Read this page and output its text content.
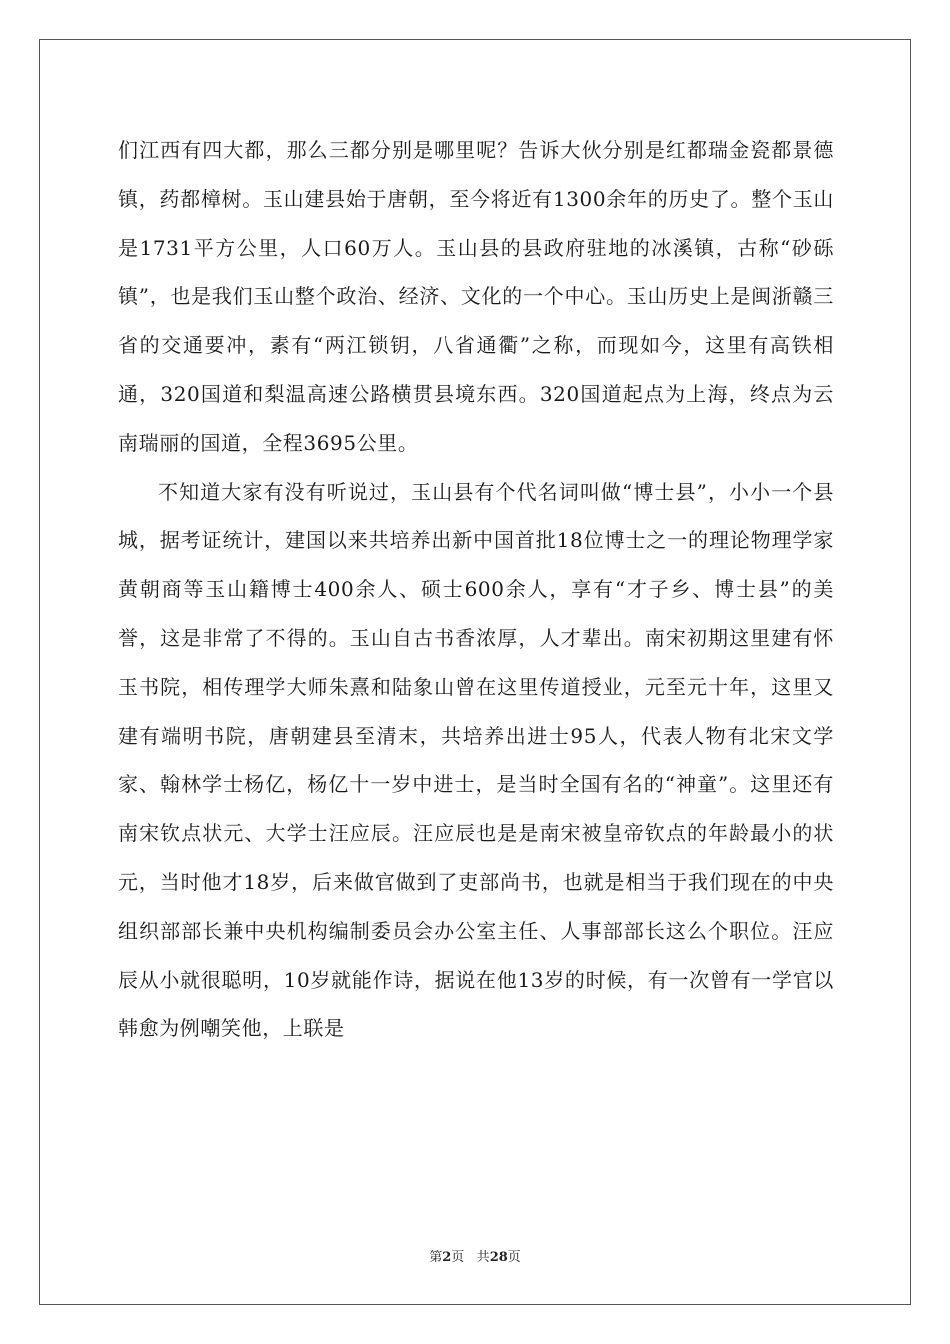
们江西有四大都，那么三都分别是哪里呢？告诉大伙分别是红都瑞金瓷都景德镇，药都樟树。玉山建县始于唐朝，至今将近有1300余年的历史了。整个玉山是1731平方公里，人口60万人。玉山县的县政府驻地的冰溪镇，古称“砂砾镇”，也是我们玉山整个政治、经济、文化的一个中心。玉山历史上是闽浙赣三省的交通要冲，素有“两江锁钥，八省通衢”之称，而现如今，这里有高铁相通，320国道和梨温高速公路横贯县境东西。320国道起点为上海，终点为云南瑞丽的国道，全程3695公里。

不知道大家有没有听说过，玉山县有个代名词叫做“博士县”，小小一个县城，据考证统计，建国以来共培养出新中国首批18位博士之一的理论物理学家黄朝商等玉山籍博士400余人、硕士600余人，享有“才子乡、博士县”的美誉，这是非常了不得的。玉山自古书香浓厚，人才辈出。南宋初期这里建有怀玉书院，相传理学大师朱熹和陆象山曾在这里传道授业，元至元十年，这里又建有端明书院，唐朝建县至清末，共培养出进士95人，代表人物有北宋文学家、翰林学士杨亿，杨亿十一岁中进士，是当时全国有名的“神童”。这里还有南宋钦点状元、大学士汪应辰。汪应辰也是是南宋被皇帝钦点的年龄最小的状元，当时他才18岁，后来做官做到了吏部尚书，也就是相当于我们现在的中央组织部部长兼中央机构编制委员会办公室主任、人事部部长这么个职位。汪应辰从小就很聪明，10岁就能作诗，据说在他13岁的时候，有一次曾有一学官以韩愈为例嘲笑他，上联是

第2页 共28页
